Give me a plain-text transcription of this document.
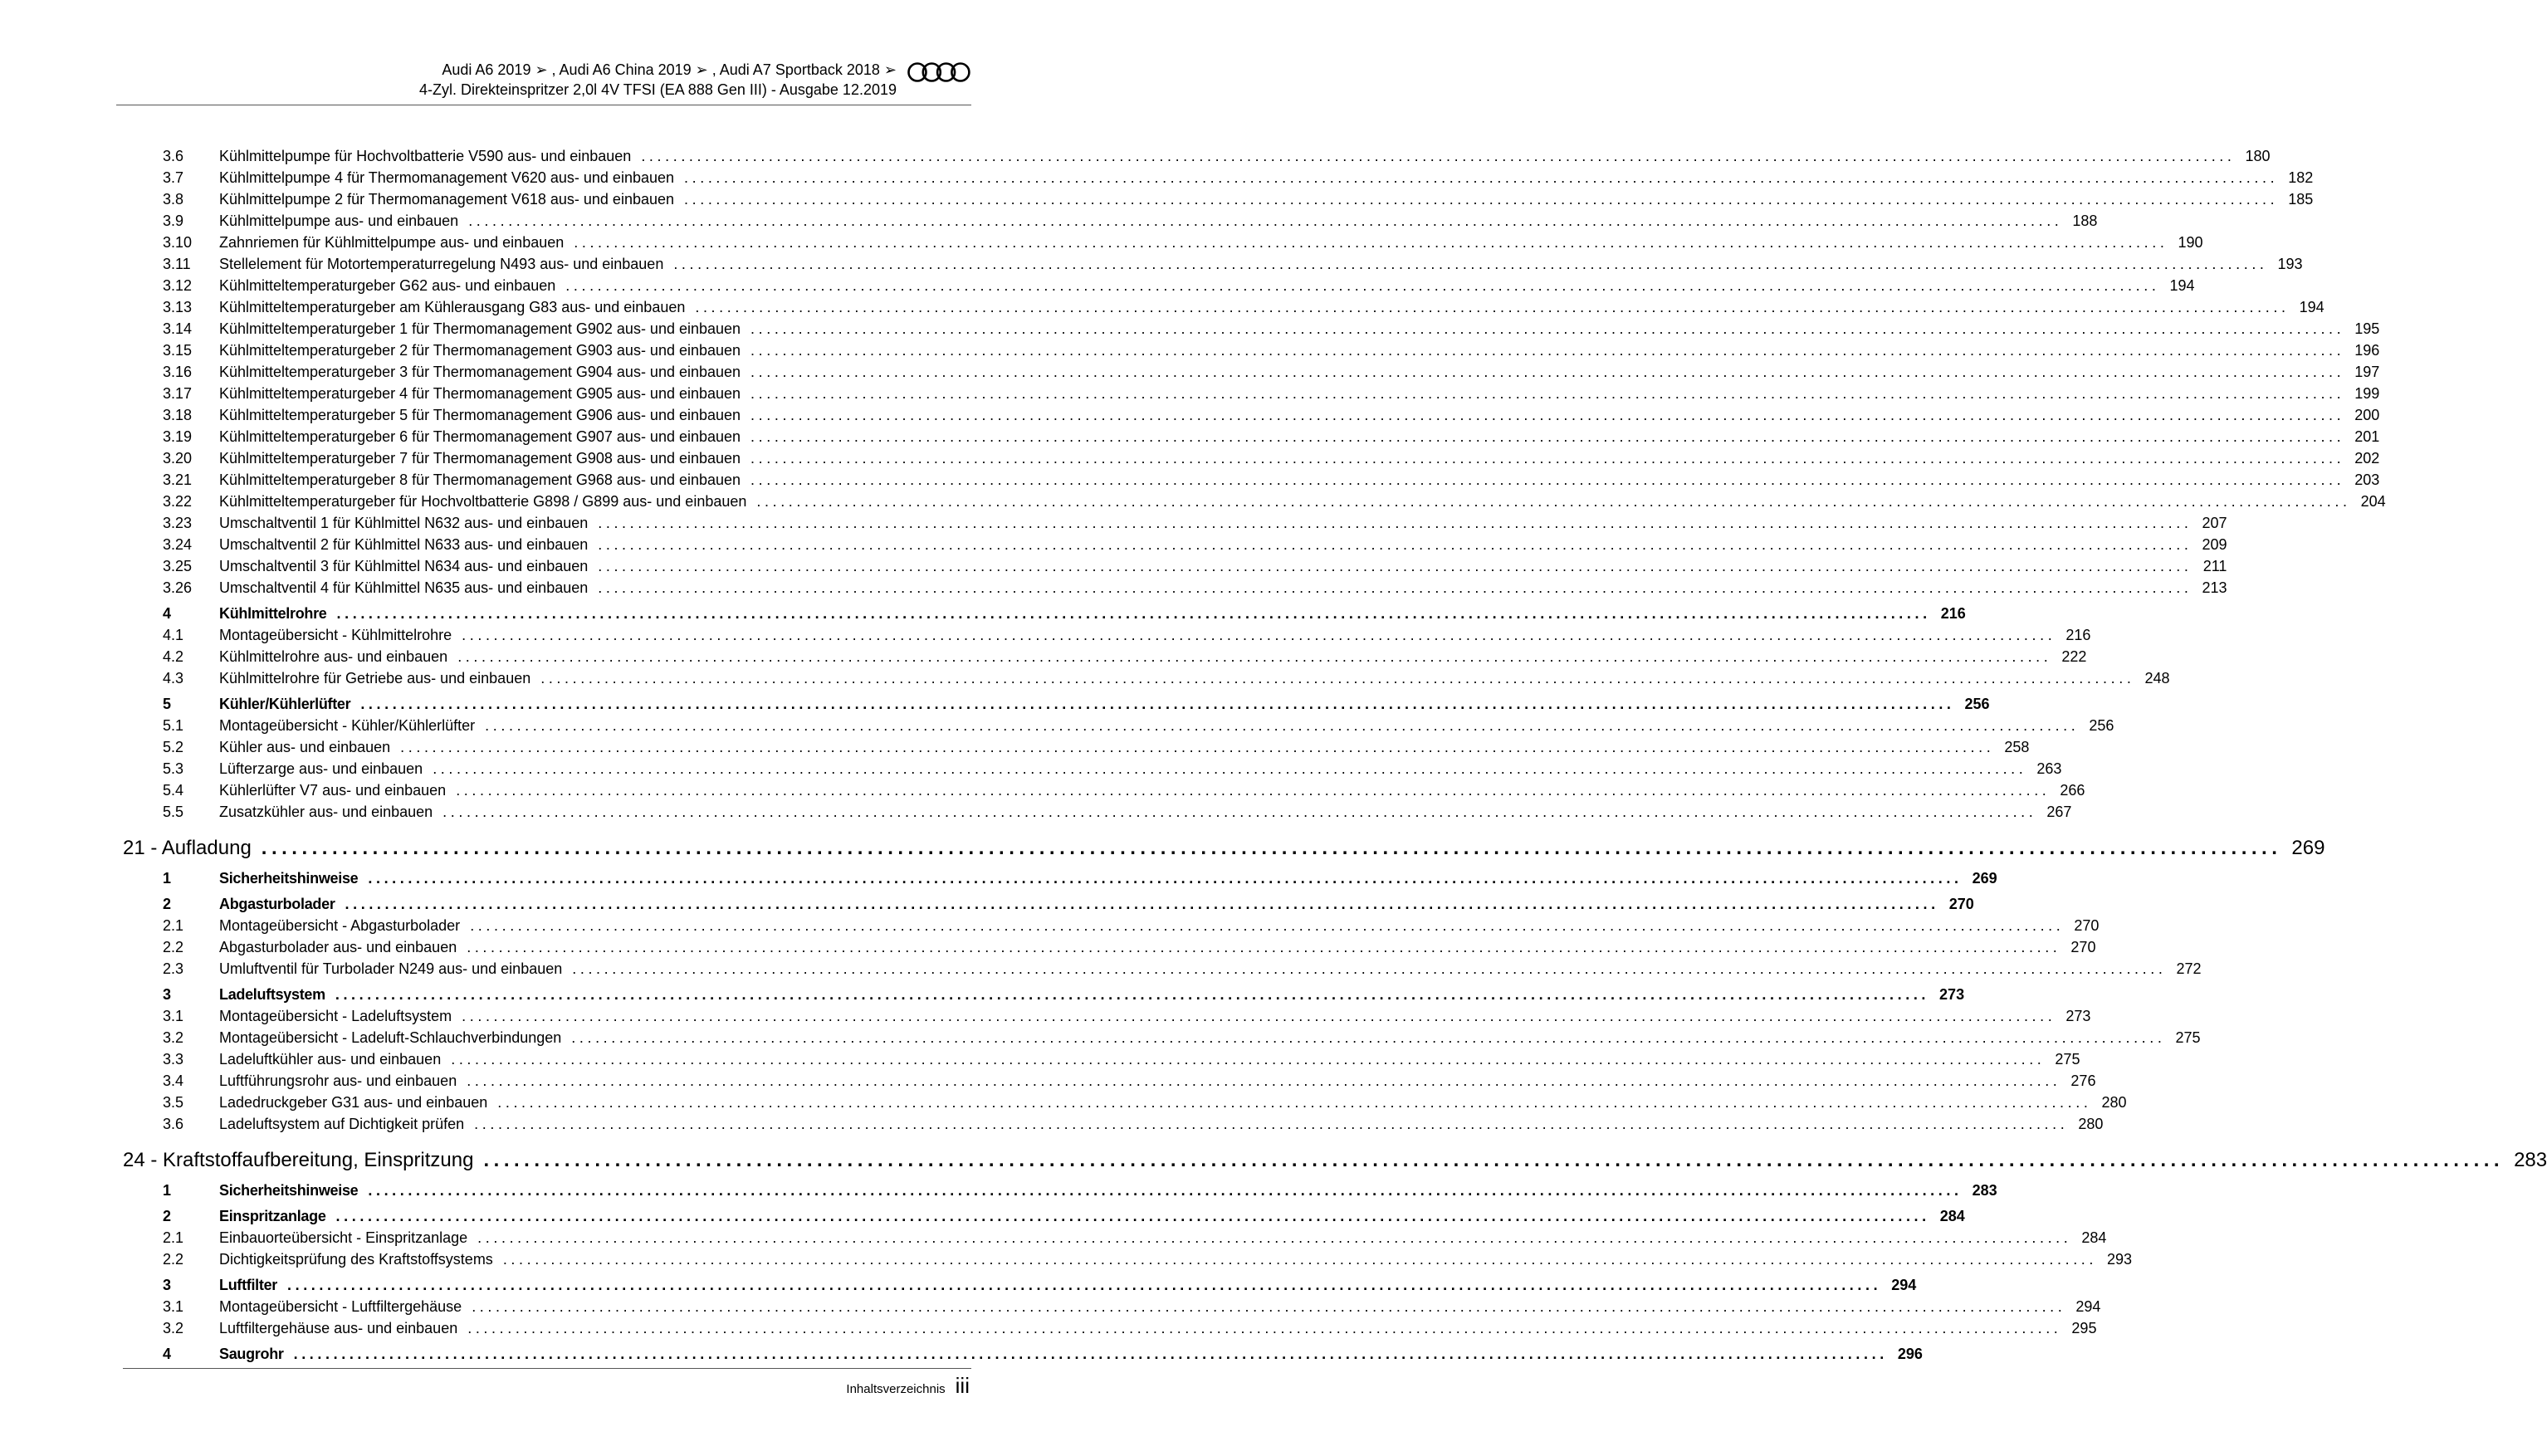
Audi A6 2019 ➢ , Audi A6 China 2019 ➢ , Audi A7 Sportback 2018 ➢
4-Zyl. Direkteinspritzer 2,0l 4V TFSI (EA 888 Gen III) - Ausgabe 12.2019
3.6	Kühlmittelpumpe für Hochvoltbatterie V590 aus- und einbauen ........................................................................................................................................................................................................ 180
3.7	Kühlmittelpumpe 4 für Thermomanagement V620 aus- und einbauen ........................................................................................................................................................................................................ 182
3.8	Kühlmittelpumpe 2 für Thermomanagement V618 aus- und einbauen ........................................................................................................................................................................................................ 185
3.9	Kühlmittelpumpe aus- und einbauen ........................................................................................................................................................................................................ 188
3.10	Zahnriemen für Kühlmittelpumpe aus- und einbauen ........................................................................................................................................................................................................ 190
3.11	Stellelement für Motortemperaturregelung N493 aus- und einbauen ........................................................................................................................................................................................................ 193
3.12	Kühlmitteltemperaturgeber G62 aus- und einbauen ........................................................................................................................................................................................................ 194
3.13	Kühlmitteltemperaturgeber am Kühlerausgang G83 aus- und einbauen ........................................................................................................................................................................................................ 194
3.14	Kühlmitteltemperaturgeber 1 für Thermomanagement G902 aus- und einbauen ........................................................................................................................................................................................................ 195
3.15	Kühlmitteltemperaturgeber 2 für Thermomanagement G903 aus- und einbauen ........................................................................................................................................................................................................ 196
3.16	Kühlmitteltemperaturgeber 3 für Thermomanagement G904 aus- und einbauen ........................................................................................................................................................................................................ 197
3.17	Kühlmitteltemperaturgeber 4 für Thermomanagement G905 aus- und einbauen ........................................................................................................................................................................................................ 199
3.18	Kühlmitteltemperaturgeber 5 für Thermomanagement G906 aus- und einbauen ........................................................................................................................................................................................................ 200
3.19	Kühlmitteltemperaturgeber 6 für Thermomanagement G907 aus- und einbauen ........................................................................................................................................................................................................ 201
3.20	Kühlmitteltemperaturgeber 7 für Thermomanagement G908 aus- und einbauen ........................................................................................................................................................................................................ 202
3.21	Kühlmitteltemperaturgeber 8 für Thermomanagement G968 aus- und einbauen ........................................................................................................................................................................................................ 203
3.22	Kühlmitteltemperaturgeber für Hochvoltbatterie G898 / G899 aus- und einbauen ........................................................................................................................................................................................................ 204
3.23	Umschaltventil 1 für Kühlmittel N632 aus- und einbauen ........................................................................................................................................................................................................ 207
3.24	Umschaltventil 2 für Kühlmittel N633 aus- und einbauen ........................................................................................................................................................................................................ 209
3.25	Umschaltventil 3 für Kühlmittel N634 aus- und einbauen ........................................................................................................................................................................................................ 211
3.26	Umschaltventil 4 für Kühlmittel N635 aus- und einbauen ........................................................................................................................................................................................................ 213
4	Kühlmittelrohre ........................................................................................................................................................................................................ 216
4.1	Montageübersicht - Kühlmittelrohre ........................................................................................................................................................................................................ 216
4.2	Kühlmittelrohre aus- und einbauen ........................................................................................................................................................................................................ 222
4.3	Kühlmittelrohre für Getriebe aus- und einbauen ........................................................................................................................................................................................................ 248
5	Kühler/Kühlerlüfter ........................................................................................................................................................................................................ 256
5.1	Montageübersicht - Kühler/Kühlerlüfter ........................................................................................................................................................................................................ 256
5.2	Kühler aus- und einbauen ........................................................................................................................................................................................................ 258
5.3	Lüfterzarge aus- und einbauen ........................................................................................................................................................................................................ 263
5.4	Kühlerlüfter V7 aus- und einbauen ........................................................................................................................................................................................................ 266
5.5	Zusatzkühler aus- und einbauen ........................................................................................................................................................................................................ 267
21 - Aufladung ........................................................................................................................................................................................................ 269
1	Sicherheitshinweise ........................................................................................................................................................................................................ 269
2	Abgasturbolader ........................................................................................................................................................................................................ 270
2.1	Montageübersicht - Abgasturbolader ........................................................................................................................................................................................................ 270
2.2	Abgasturbolader aus- und einbauen ........................................................................................................................................................................................................ 270
2.3	Umluftventil für Turbolader N249 aus- und einbauen ........................................................................................................................................................................................................ 272
3	Ladeluftsystem ........................................................................................................................................................................................................ 273
3.1	Montageübersicht - Ladeluftsystem ........................................................................................................................................................................................................ 273
3.2	Montageübersicht - Ladeluft-Schlauchverbindungen ........................................................................................................................................................................................................ 275
3.3	Ladeluftkühler aus- und einbauen ........................................................................................................................................................................................................ 275
3.4	Luftführungsrohr aus- und einbauen ........................................................................................................................................................................................................ 276
3.5	Ladedruckgeber G31 aus- und einbauen ........................................................................................................................................................................................................ 280
3.6	Ladeluftsystem auf Dichtigkeit prüfen ........................................................................................................................................................................................................ 280
24 - Kraftstoffaufbereitung, Einspritzung ........................................................................................................................................................................................................ 283
1	Sicherheitshinweise ........................................................................................................................................................................................................ 283
2	Einspritzanlage ........................................................................................................................................................................................................ 284
2.1	Einbauorteübersicht - Einspritzanlage ........................................................................................................................................................................................................ 284
2.2	Dichtigkeitsprüfung des Kraftstoffsystems ........................................................................................................................................................................................................ 293
3	Luftfilter ........................................................................................................................................................................................................ 294
3.1	Montageübersicht - Luftfiltergehäuse ........................................................................................................................................................................................................ 294
3.2	Luftfiltergehäuse aus- und einbauen ........................................................................................................................................................................................................ 295
4	Saugrohr ........................................................................................................................................................................................................ 296
Inhaltsverzeichnis iii
